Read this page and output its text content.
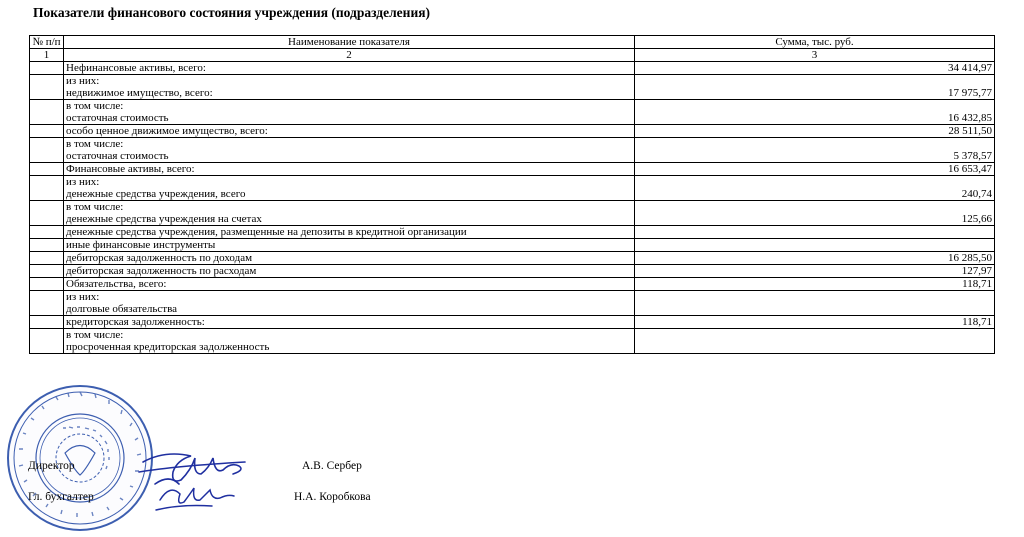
Показатели финансового состояния учреждения (подразделения)
№ п/п	Наименование показателя	Сумма, тыс. руб.
1	2	3

	Нефинансовые активы, всего:	34 414,97

	из них:
недвижимое имущество, всего:	17 975,77

	в том числе:
остаточная стоимость	16 432,85

	особо ценное движимое имущество, всего:	28 511,50

	в том числе:
остаточная стоимость	5 378,57

	Финансовые активы, всего:	16 653,47

	из них:
денежные средства учреждения, всего	240,74

	в том числе:
денежные средства учреждения на счетах	125,66

	денежные средства учреждения, размещенные на депозиты в кредитной организации	

	иные финансовые инструменты	

	дебиторская задолженность по доходам	16 285,50

	дебиторская задолженность по расходам	127,97

	Обязательства, всего:	118,71

	из них:
долговые обязательства	

	кредиторская задолженность:	118,71

	в том числе:
просроченная кредиторская задолженность	

Директор	А.В. Сербер
Гл. бухгалтер	Н.А. Коробкова
